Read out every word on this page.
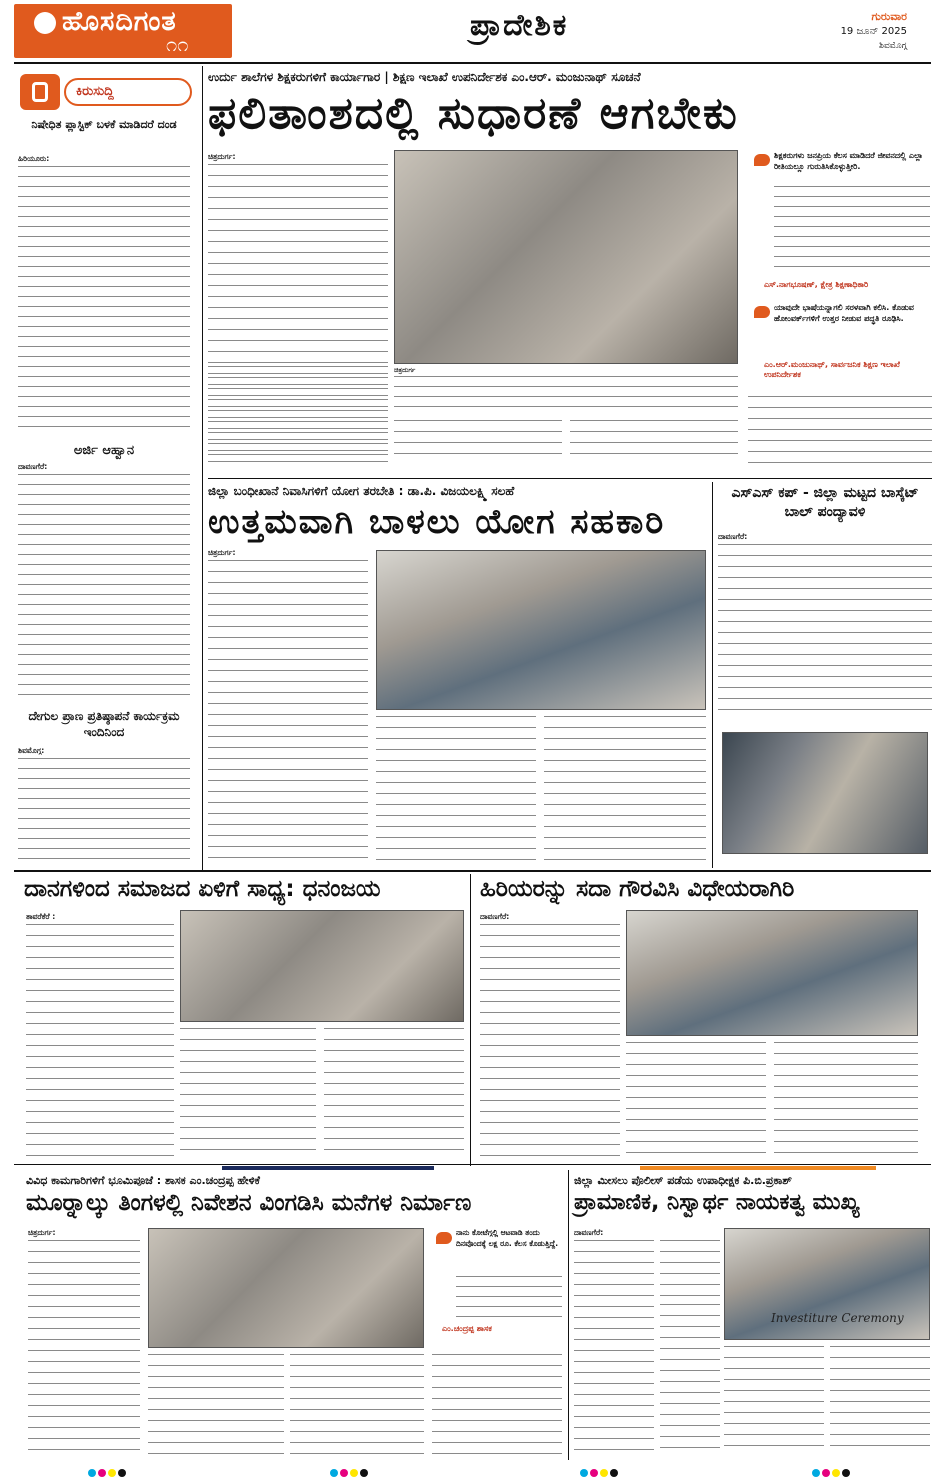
ಹೊಸದಿಗಂತ
೧೧
ಪ್ರಾದೇಶಿಕ	ಗುರುವಾರ
19 ಜೂನ್ 2025
ಶಿವಮೊಗ್ಗ
ಕಿರುಸುದ್ದಿ
ನಿಷೇಧಿತ ಪ್ಲಾಸ್ಟಿಕ್ ಬಳಕೆ ಮಾಡಿದರೆ ದಂಡ
ಹಿರಿಯೂರು:
ಅರ್ಜಿ ಆಹ್ವಾನ
ದಾವಣಗೆರೆ:
ದೇಗುಲ ಪ್ರಾಣ ಪ್ರತಿಷ್ಠಾಪನೆ ಕಾರ್ಯಕ್ರಮ ಇಂದಿನಿಂದ
ಶಿವಮೊಗ್ಗ:
ಉರ್ದು ಶಾಲೆಗಳ ಶಿಕ್ಷಕರುಗಳಿಗೆ ಕಾರ್ಯಾಗಾರ | ಶಿಕ್ಷಣ ಇಲಾಖೆ ಉಪನಿರ್ದೇಶಕ ಎಂ.ಆರ್. ಮಂಜುನಾಥ್ ಸೂಚನೆ
ಫಲಿತಾಂಶದಲ್ಲಿ ಸುಧಾರಣೆ ಆಗಬೇಕು
ಚಿತ್ರದುರ್ಗ:
ಚಿತ್ರದುರ್ಗ
ಶಿಕ್ಷಕರುಗಳು ಜನಪ್ರಿಯ ಕೆಲಸ ಮಾಡಿದರೆ ಜೀವನದಲ್ಲಿ ಎಲ್ಲಾ ರೀತಿಯಲ್ಲೂ ಗುರುತಿಸಿಕೊಳ್ಳುತ್ತೀರಿ.
ಎಸ್.ನಾಗಭೂಷಣ್, ಕ್ಷೇತ್ರ ಶಿಕ್ಷಣಾಧಿಕಾರಿ
ಯಾವುದೇ ಭಾಷೆಯನ್ನಾಗಲಿ ಸರಳವಾಗಿ ಕಲಿಸಿ. ಕೊಡುವ ಹೋಂವರ್ಕ್‌ಗಳಿಗೆ ಉತ್ತರ ನೀಡುವ ಪದ್ಧತಿ ರೂಢಿಸಿ.
ಎಂ.ಆರ್.ಮಂಜುನಾಥ್, ಸಾರ್ವಜನಿಕ ಶಿಕ್ಷಣ ಇಲಾಖೆ ಉಪನಿರ್ದೇಶಕ
ಜಿಲ್ಲಾ ಬಂಧೀಖಾನೆ ನಿವಾಸಿಗಳಿಗೆ ಯೋಗ ತರಬೇತಿ : ಡಾ.ಪಿ. ವಿಜಯಲಕ್ಷ್ಮಿ ಸಲಹೆ
ಉತ್ತಮವಾಗಿ ಬಾಳಲು ಯೋಗ ಸಹಕಾರಿ
ಚಿತ್ರದುರ್ಗ:
ಎಸ್‌ಎಸ್ ಕಪ್ - ಜಿಲ್ಲಾ ಮಟ್ಟದ ಬಾಸ್ಕೆಟ್ ಬಾಲ್ ಪಂದ್ಯಾವಳಿ
ದಾವಣಗೆರೆ:
ದಾನಗಳಿಂದ ಸಮಾಜದ ಏಳಿಗೆ ಸಾಧ್ಯ: ಧನಂಜಯ
ತಾವರೆಕೆರೆ :
ಹಿರಿಯರನ್ನು ಸದಾ ಗೌರವಿಸಿ ವಿಧೇಯರಾಗಿರಿ
ದಾವಣಗೆರೆ:
ವಿವಿಧ ಕಾಮಗಾರಿಗಳಿಗೆ ಭೂಮಿಪೂಜೆ : ಶಾಸಕ ಎಂ.ಚಂದ್ರಪ್ಪ ಹೇಳಿಕೆ
ಮೂರ್‍ನಾಲ್ಕು ತಿಂಗಳಲ್ಲಿ ನಿವೇಶನ ವಿಂಗಡಿಸಿ ಮನೆಗಳ ನಿರ್ಮಾಣ
ಚಿತ್ರದುರ್ಗ:	ನಾನು ಕೋಟೆಗ್ಗಲ್ಲಿ ಆಟವಾಡಿ ತಂದು ದಿನವೊಂದಕ್ಕೆ ಲಕ್ಷ ರೂ. ಕೆಲಸ ಕೊಡುತ್ತಿದ್ದೆ.
ಎಂ.ಚಂದ್ರಪ್ಪ ಶಾಸಕ
ಜಿಲ್ಲಾ ಮೀಸಲು ಪೊಲೀಸ್ ಪಡೆಯ ಉಪಾಧೀಕ್ಷಕ ಪಿ.ಬಿ.ಪ್ರಕಾಶ್
ಪ್ರಾಮಾಣಿಕ, ನಿಸ್ವಾರ್ಥ ನಾಯಕತ್ವ ಮುಖ್ಯ
ದಾವಣಗೆರೆ:
Investiture Ceremony
